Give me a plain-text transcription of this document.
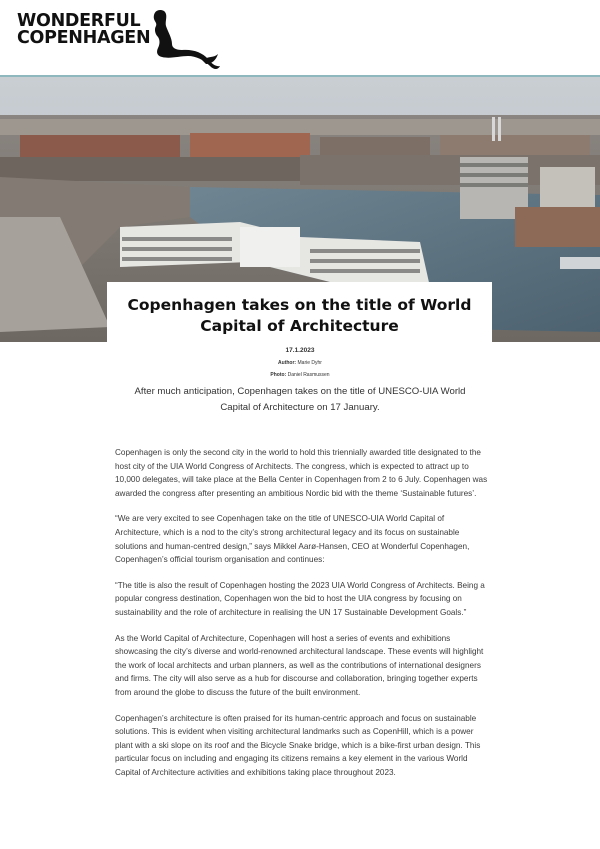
WONDERFUL
COPENHAGEN
Copenhagen takes on the title of World Capital of Architecture
17.1.2023
Author: Marie Dyhr
Photo: Daniel Rasmussen

After much anticipation, Copenhagen takes on the title of UNESCO-UIA World Capital of Architecture on 17 January.

Copenhagen is only the second city in the world to hold this triennially awarded title designated to the host city of the UIA World Congress of Architects. The congress, which is expected to attract up to 10,000 delegates, will take place at the Bella Center in Copenhagen from 2 to 6 July. Copenhagen was awarded the congress after presenting an ambitious Nordic bid with the theme ‘Sustainable futures’.

“We are very excited to see Copenhagen take on the title of UNESCO-UIA World Capital of Architecture, which is a nod to the city’s strong architectural legacy and its focus on sustainable solutions and human-centred design,” says Mikkel Aarø-Hansen, CEO at Wonderful Copenhagen, Copenhagen’s official tourism organisation and continues:

“The title is also the result of Copenhagen hosting the 2023 UIA World Congress of Architects. Being a popular congress destination, Copenhagen won the bid to host the UIA congress by focusing on sustainability and the role of architecture in realising the UN 17 Sustainable Development Goals.”

As the World Capital of Architecture, Copenhagen will host a series of events and exhibitions showcasing the city’s diverse and world-renowned architectural landscape. These events will highlight the work of local architects and urban planners, as well as the contributions of international designers and firms. The city will also serve as a hub for discourse and collaboration, bringing together experts from around the globe to discuss the future of the built environment.

Copenhagen’s architecture is often praised for its human-centric approach and focus on sustainable solutions. This is evident when visiting architectural landmarks such as CopenHill, which is a power plant with a ski slope on its roof and the Bicycle Snake bridge, which is a bike-first urban design. This particular focus on including and engaging its citizens remains a key element in the various World Capital of Architecture activities and exhibitions taking place throughout 2023.
